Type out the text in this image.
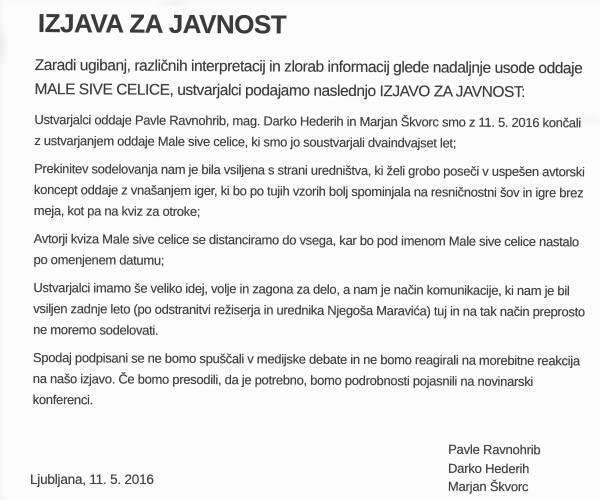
IZJAVA ZA JAVNOST

Zaradi ugibanj, različnih interpretacij in zlorab informacij glede nadaljnje usode oddaje MALE SIVE CELICE, ustvarjalci podajamo naslednjo IZJAVO ZA JAVNOST:

Ustvarjalci oddaje Pavle Ravnohrib, mag. Darko Hederih in Marjan Škvorc smo z 11. 5. 2016 končali z ustvarjanjem oddaje Male sive celice, ki smo jo soustvarjali dvaindvajset let;

Prekinitev sodelovanja nam je bila vsiljena s strani uredništva, ki želi grobo poseči v uspešen avtorski koncept oddaje z vnašanjem iger, ki bo po tujih vzorih bolj spominjala na resničnostni šov in igre brez meja, kot pa na kviz za otroke;

Avtorji kviza Male sive celice se distanciramo do vsega, kar bo pod imenom Male sive celice nastalo po omenjenem datumu;

Ustvarjalci imamo še veliko idej, volje in zagona za delo, a nam je način komunikacije, ki nam je bil vsiljen zadnje leto (po odstranitvi režiserja in urednika Njegoša Maravića) tuj in na tak način preprosto ne moremo sodelovati.

Spodaj podpisani se ne bomo spuščali v medijske debate in ne bomo reagirali na morebitne reakcija na našo izjavo. Če bomo presodili, da je potrebno, bomo podrobnosti pojasnili na novinarski konferenci.

Ljubljana, 11. 5. 2016
Pavle Ravnohrib
Darko Hederih
Marjan Škvorc
